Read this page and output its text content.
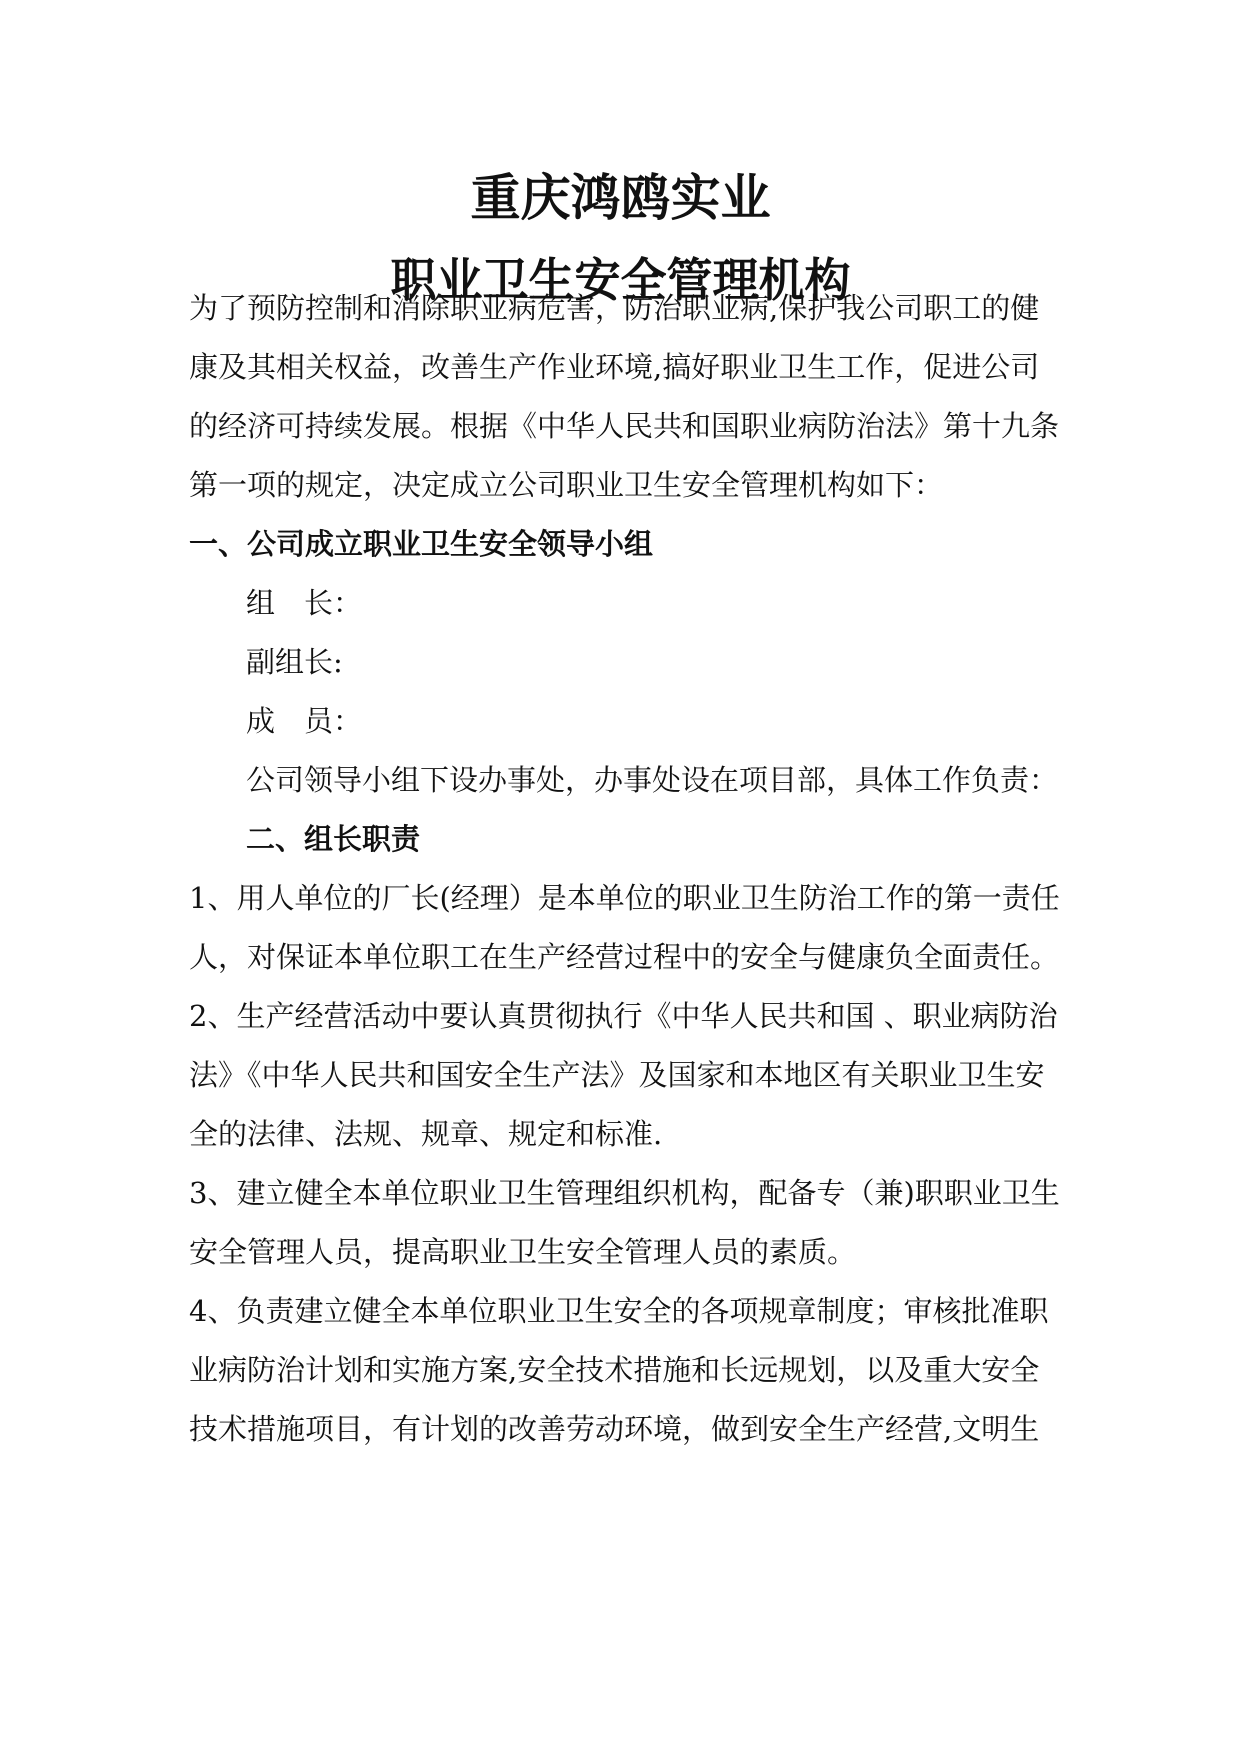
重庆鸿鸥实业
职业卫生安全管理机构

为了预防控制和消除职业病危害，防治职业病,保护我公司职工的健

康及其相关权益，改善生产作业环境,搞好职业卫生工作，促进公司

的经济可持续发展。根据《中华人民共和国职业病防治法》第十九条

第一项的规定，决定成立公司职业卫生安全管理机构如下：

一、公司成立职业卫生安全领导小组

组　长：

副组长:

成　员：

公司领导小组下设办事处，办事处设在项目部，具体工作负责：

二、组长职责

1、用人单位的厂长(经理）是本单位的职业卫生防治工作的第一责任

人，对保证本单位职工在生产经营过程中的安全与健康负全面责任。

2、生产经营活动中要认真贯彻执行《中华人民共和国 、职业病防治

法》《中华人民共和国安全生产法》及国家和本地区有关职业卫生安

全的法律、法规、规章、规定和标准.

3、建立健全本单位职业卫生管理组织机构，配备专（兼)职职业卫生

安全管理人员，提高职业卫生安全管理人员的素质。

4、负责建立健全本单位职业卫生安全的各项规章制度；审核批准职

业病防治计划和实施方案,安全技术措施和长远规划，以及重大安全

技术措施项目，有计划的改善劳动环境，做到安全生产经营,文明生
